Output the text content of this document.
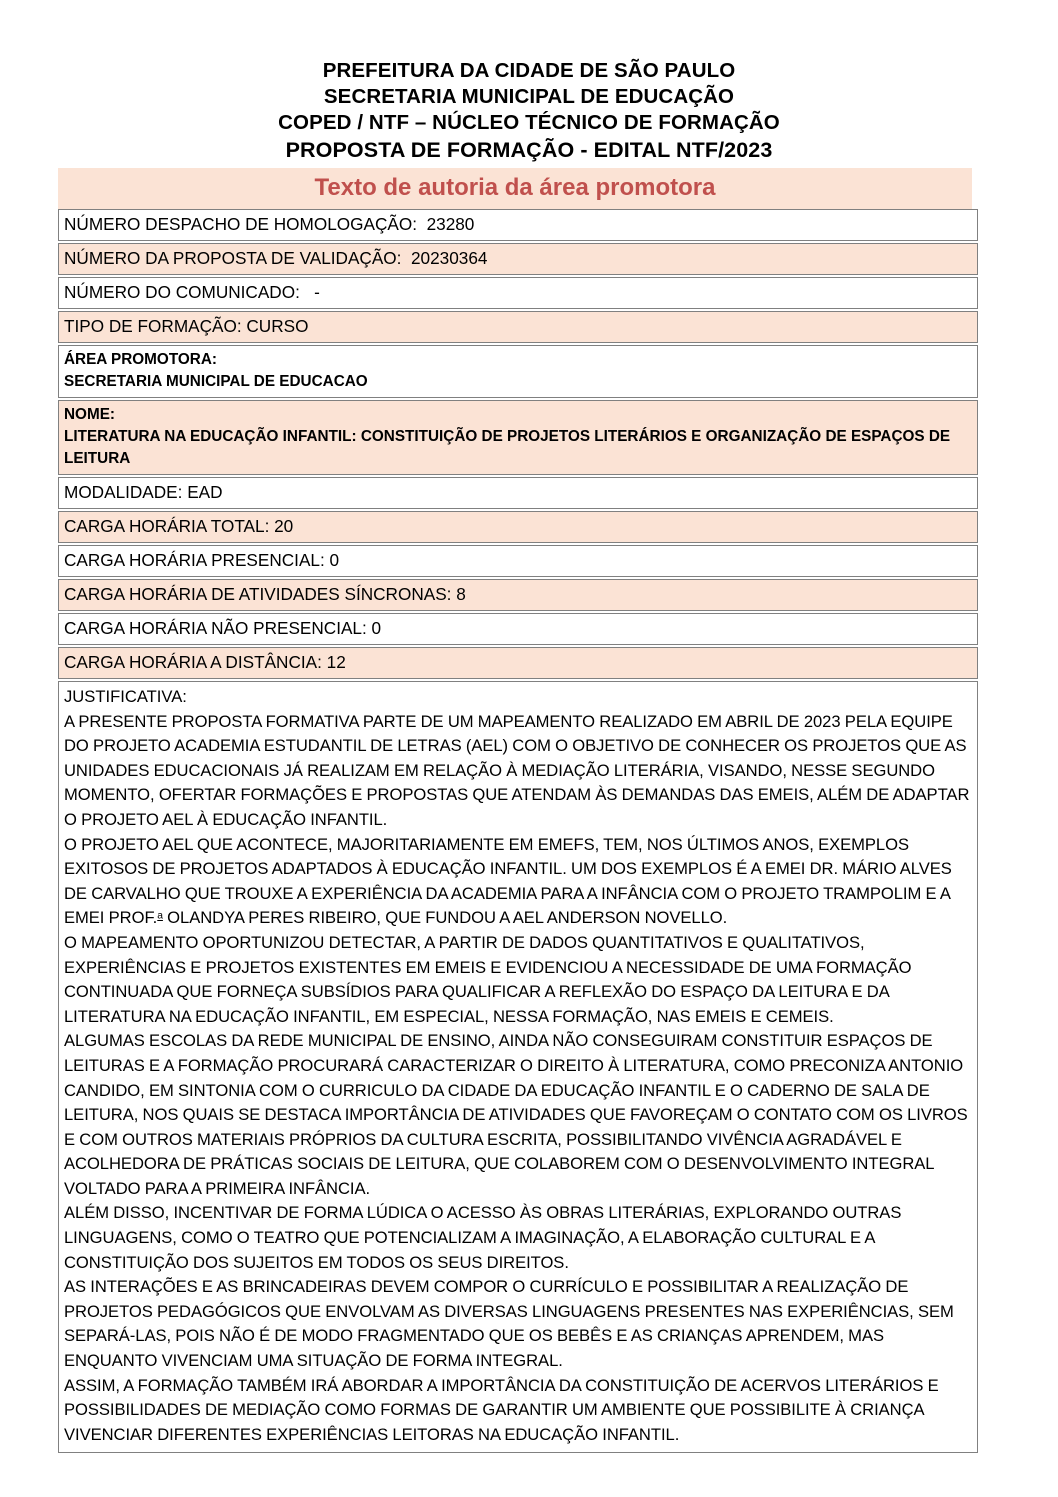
PREFEITURA DA CIDADE DE SÃO PAULO
SECRETARIA MUNICIPAL DE EDUCAÇÃO
COPED / NTF – NÚCLEO TÉCNICO DE FORMAÇÃO
PROPOSTA DE FORMAÇÃO - EDITAL NTF/2023
Texto de autoria da área promotora
NÚMERO DESPACHO DE HOMOLOGAÇÃO:  23280
NÚMERO DA PROPOSTA DE VALIDAÇÃO:  20230364
NÚMERO DO COMUNICADO:   -
TIPO DE FORMAÇÃO: CURSO
ÁREA PROMOTORA:
SECRETARIA MUNICIPAL DE EDUCACAO
NOME:
LITERATURA NA EDUCAÇÃO INFANTIL: CONSTITUIÇÃO DE PROJETOS LITERÁRIOS E ORGANIZAÇÃO DE ESPAÇOS DE LEITURA
MODALIDADE: EAD
CARGA HORÁRIA TOTAL: 20
CARGA HORÁRIA PRESENCIAL: 0
CARGA HORÁRIA DE ATIVIDADES SÍNCRONAS: 8
CARGA HORÁRIA NÃO PRESENCIAL: 0
CARGA HORÁRIA A DISTÂNCIA: 12

JUSTIFICATIVA:

A PRESENTE PROPOSTA FORMATIVA PARTE DE UM MAPEAMENTO REALIZADO EM ABRIL DE 2023 PELA EQUIPE DO PROJETO ACADEMIA ESTUDANTIL DE LETRAS (AEL) COM O OBJETIVO DE CONHECER OS PROJETOS QUE AS UNIDADES EDUCACIONAIS JÁ REALIZAM EM RELAÇÃO À MEDIAÇÃO LITERÁRIA, VISANDO, NESSE SEGUNDO MOMENTO, OFERTAR FORMAÇÕES E PROPOSTAS QUE ATENDAM ÀS DEMANDAS DAS EMEIS, ALÉM DE ADAPTAR O PROJETO AEL À EDUCAÇÃO INFANTIL.

O PROJETO AEL QUE ACONTECE, MAJORITARIAMENTE EM EMEFS, TEM, NOS ÚLTIMOS ANOS, EXEMPLOS EXITOSOS DE PROJETOS ADAPTADOS À EDUCAÇÃO INFANTIL. UM DOS EXEMPLOS É A EMEI DR. MÁRIO ALVES DE CARVALHO QUE TROUXE A EXPERIÊNCIA DA ACADEMIA PARA A INFÂNCIA COM O PROJETO TRAMPOLIM E A EMEI PROF.$^a$ OLANDYA PERES RIBEIRO, QUE FUNDOU A AEL ANDERSON NOVELLO.

O MAPEAMENTO OPORTUNIZOU DETECTAR, A PARTIR DE DADOS QUANTITATIVOS E QUALITATIVOS, EXPERIÊNCIAS E PROJETOS EXISTENTES EM EMEIS E EVIDENCIOU A NECESSIDADE DE UMA FORMAÇÃO CONTINUADA QUE FORNEÇA SUBSÍDIOS PARA QUALIFICAR A REFLEXÃO DO ESPAÇO DA LEITURA E DA LITERATURA NA EDUCAÇÃO INFANTIL, EM ESPECIAL, NESSA FORMAÇÃO, NAS EMEIS E CEMEIS.

ALGUMAS ESCOLAS DA REDE MUNICIPAL DE ENSINO, AINDA NÃO CONSEGUIRAM CONSTITUIR ESPAÇOS DE LEITURAS E A FORMAÇÃO PROCURARÁ CARACTERIZAR O DIREITO À LITERATURA, COMO PRECONIZA ANTONIO CANDIDO, EM SINTONIA COM O CURRICULO DA CIDADE DA EDUCAÇÃO INFANTIL E O CADERNO DE SALA DE LEITURA, NOS QUAIS SE DESTACA IMPORTÂNCIA DE ATIVIDADES QUE FAVOREÇAM O CONTATO COM OS LIVROS E COM OUTROS MATERIAIS PRÓPRIOS DA CULTURA ESCRITA, POSSIBILITANDO VIVÊNCIA AGRADÁVEL E ACOLHEDORA DE PRÁTICAS SOCIAIS DE LEITURA, QUE COLABOREM COM O DESENVOLVIMENTO INTEGRAL VOLTADO PARA A PRIMEIRA INFÂNCIA.

ALÉM DISSO, INCENTIVAR DE FORMA LÚDICA O ACESSO ÀS OBRAS LITERÁRIAS, EXPLORANDO OUTRAS LINGUAGENS, COMO O TEATRO QUE POTENCIALIZAM A IMAGINAÇÃO, A ELABORAÇÃO CULTURAL E A CONSTITUIÇÃO DOS SUJEITOS EM TODOS OS SEUS DIREITOS.

AS INTERAÇÕES E AS BRINCADEIRAS DEVEM COMPOR O CURRÍCULO E POSSIBILITAR A REALIZAÇÃO DE PROJETOS PEDAGÓGICOS QUE ENVOLVAM AS DIVERSAS LINGUAGENS PRESENTES NAS EXPERIÊNCIAS, SEM SEPARÁ-LAS, POIS NÃO É DE MODO FRAGMENTADO QUE OS BEBÊS E AS CRIANÇAS APRENDEM, MAS ENQUANTO VIVENCIAM UMA SITUAÇÃO DE FORMA INTEGRAL.

ASSIM, A FORMAÇÃO TAMBÉM IRÁ ABORDAR A IMPORTÂNCIA DA CONSTITUIÇÃO DE ACERVOS LITERÁRIOS E POSSIBILIDADES DE MEDIAÇÃO COMO FORMAS DE GARANTIR UM AMBIENTE QUE POSSIBILITE À CRIANÇA VIVENCIAR DIFERENTES EXPERIÊNCIAS LEITORAS NA EDUCAÇÃO INFANTIL.
